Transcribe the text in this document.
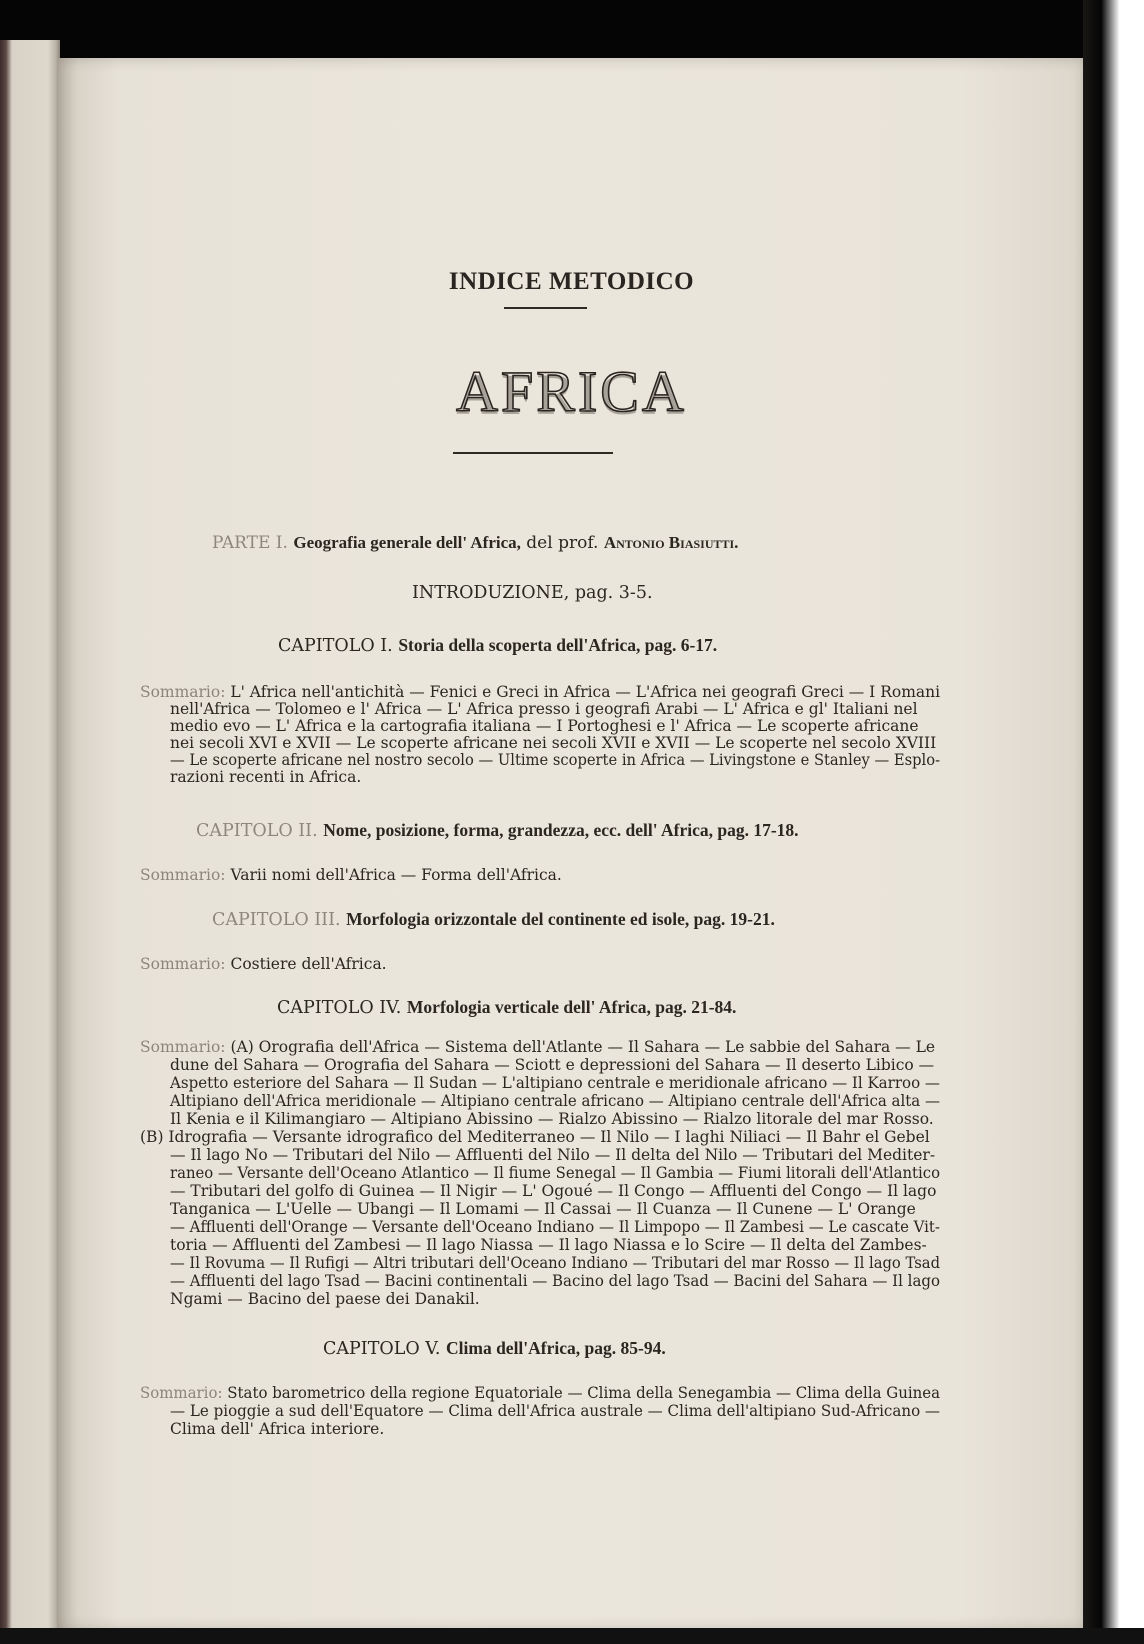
INDICE METODICO
AFRICA
PARTE I. Geografia generale dell' Africa, del prof. Antonio Biasiutti.
INTRODUZIONE, pag. 3-5.
CAPITOLO I. Storia della scoperta dell'Africa, pag. 6-17.
Sommario: L' Africa nell'antichità — Fenici e Greci in Africa — L'Africa nei geografi Greci — I Romani
nell'Africa — Tolomeo e l' Africa — L' Africa presso i geografi Arabi — L' Africa e gl' Italiani nel
medio evo — L' Africa e la cartografia italiana — I Portoghesi e l' Africa — Le scoperte africane
nei secoli XVI e XVII — Le scoperte africane nei secoli XVII e XVII — Le scoperte nel secolo XVIII
— Le scoperte africane nel nostro secolo — Ultime scoperte in Africa — Livingstone e Stanley — Esplo-
razioni recenti in Africa.
CAPITOLO II. Nome, posizione, forma, grandezza, ecc. dell' Africa, pag. 17-18.
Sommario: Varii nomi dell'Africa — Forma dell'Africa.
CAPITOLO III. Morfologia orizzontale del continente ed isole, pag. 19-21.
Sommario: Costiere dell'Africa.
CAPITOLO IV. Morfologia verticale dell' Africa, pag. 21-84.
Sommario: (A) Orografia dell'Africa — Sistema dell'Atlante — Il Sahara — Le sabbie del Sahara — Le
dune del Sahara — Orografia del Sahara — Sciott e depressioni del Sahara — Il deserto Libico —
Aspetto esteriore del Sahara — Il Sudan — L'altipiano centrale e meridionale africano — Il Karroo —
Altipiano dell'Africa meridionale — Altipiano centrale africano — Altipiano centrale dell'Africa alta —
Il Kenia e il Kilimangiaro — Altipiano Abissino — Rialzo Abissino — Rialzo litorale del mar Rosso.
(B) Idrografia — Versante idrografico del Mediterraneo — Il Nilo — I laghi Niliaci — Il Bahr el Gebel
— Il lago No — Tributari del Nilo — Affluenti del Nilo — Il delta del Nilo — Tributari del Mediter-
raneo — Versante dell'Oceano Atlantico — Il fiume Senegal — Il Gambia — Fiumi litorali dell'Atlantico
— Tributari del golfo di Guinea — Il Nigir — L' Ogoué — Il Congo — Affluenti del Congo — Il lago
Tanganica — L'Uelle — Ubangi — Il Lomami — Il Cassai — Il Cuanza — Il Cunene — L' Orange
— Affluenti dell'Orange — Versante dell'Oceano Indiano — Il Limpopo — Il Zambesi — Le cascate Vit-
toria — Affluenti del Zambesi — Il lago Niassa — Il lago Niassa e lo Scire — Il delta del Zambes-
— Il Rovuma — Il Rufigi — Altri tributari dell'Oceano Indiano — Tributari del mar Rosso — Il lago Tsad
— Affluenti del lago Tsad — Bacini continentali — Bacino del lago Tsad — Bacini del Sahara — Il lago
Ngami — Bacino del paese dei Danakil.
CAPITOLO V. Clima dell'Africa, pag. 85-94.
Sommario: Stato barometrico della regione Equatoriale — Clima della Senegambia — Clima della Guinea
— Le pioggie a sud dell'Equatore — Clima dell'Africa australe — Clima dell'altipiano Sud-Africano —
Clima dell' Africa interiore.
